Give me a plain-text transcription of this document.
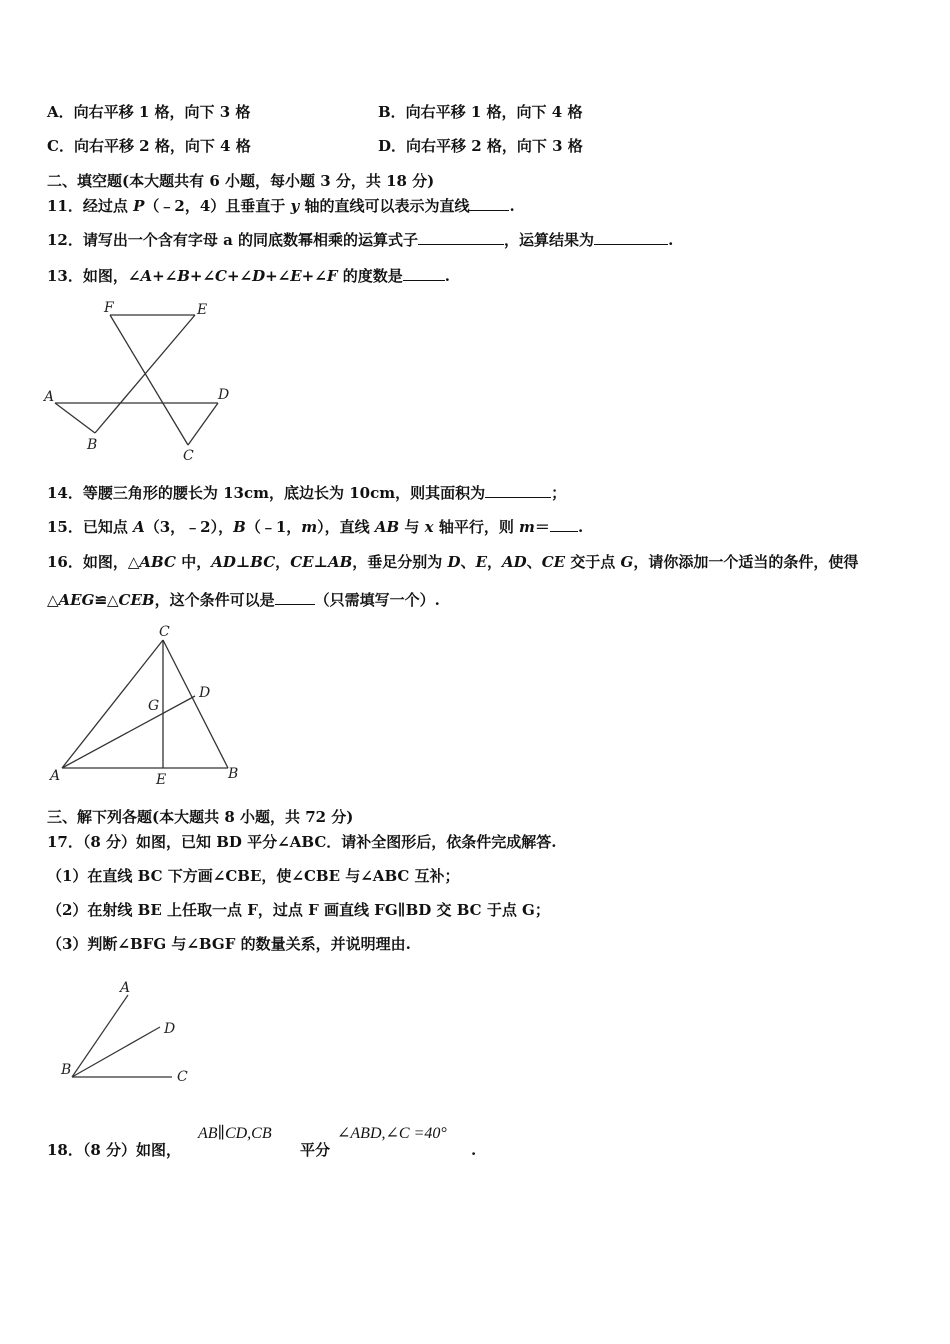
A．向右平移 1 格，向下 3 格	B．向右平移 1 格，向下 4 格
C．向右平移 2 格，向下 4 格	D．向右平移 2 格，向下 3 格
二、填空题(本大题共有 6 小题，每小题 3 分，共 18 分)
11．经过点 P（﹣2，4）且垂直于 y 轴的直线可以表示为直线	.
12．请写出一个含有字母 a 的同底数幂相乘的运算式子	，运算结果为	.
13．如图，∠A+∠B+∠C+∠D+∠E+∠F 的度数是	.
F	E
A	D
B
C
14．等腰三角形的腰长为 13cm，底边长为 10cm，则其面积为	；
15．已知点 A（3，﹣2），B（﹣1，m），直线 AB 与 x 轴平行，则 m＝ .
16．如图，△ABC 中，AD⊥BC，CE⊥AB，垂足分别为 D、E，AD、CE 交于点 G，请你添加一个适当的条件，使得
△AEG≌△CEB，这个条件可以是	（只需填写一个）.
C
D
G
A	E	B
三、解下列各题(本大题共 8 小题，共 72 分)
17．（8 分）如图，已知 BD 平分∠ABC．请补全图形后，依条件完成解答.
（1）在直线 BC 下方画∠CBE，使∠CBE 与∠ABC 互补；
（2）在射线 BE 上任取一点 F，过点 F 画直线 FG∥BD 交 BC 于点 G；
（3）判断∠BFG 与∠BGF 的数量关系，并说明理由.
A
D
B	C
18．（8 分）如图，
AB∥CD,CB
平分
∠ABD,∠C =40°
.
